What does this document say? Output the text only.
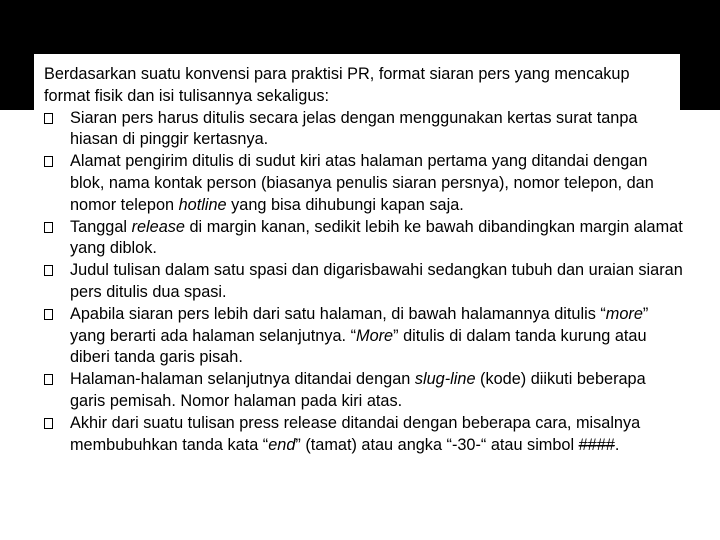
Berdasarkan suatu konvensi para praktisi PR, format siaran pers yang mencakup

format fisik dan isi tulisannya sekaligus:

Siaran pers harus ditulis secara jelas dengan menggunakan kertas surat tanpa hiasan di pinggir kertasnya.
Alamat pengirim ditulis di sudut kiri atas halaman pertama yang ditandai dengan blok, nama kontak person (biasanya penulis siaran persnya), nomor telepon, dan nomor telepon hotline yang bisa dihubungi kapan saja.
Tanggal release di margin kanan, sedikit lebih ke bawah dibandingkan margin alamat yang diblok.
Judul tulisan dalam satu spasi dan digarisbawahi sedangkan tubuh dan uraian siaran pers ditulis dua spasi.
Apabila siaran pers lebih dari satu halaman, di bawah halamannya ditulis “more” yang berarti ada halaman selanjutnya. “More” ditulis di dalam tanda kurung atau diberi tanda garis pisah.
Halaman-halaman selanjutnya ditandai dengan slug-line (kode) diikuti beberapa garis pemisah. Nomor halaman pada kiri atas.
Akhir dari suatu tulisan press release ditandai dengan beberapa cara, misalnya membubuhkan tanda kata “end” (tamat) atau angka “-30-“ atau simbol ####.
